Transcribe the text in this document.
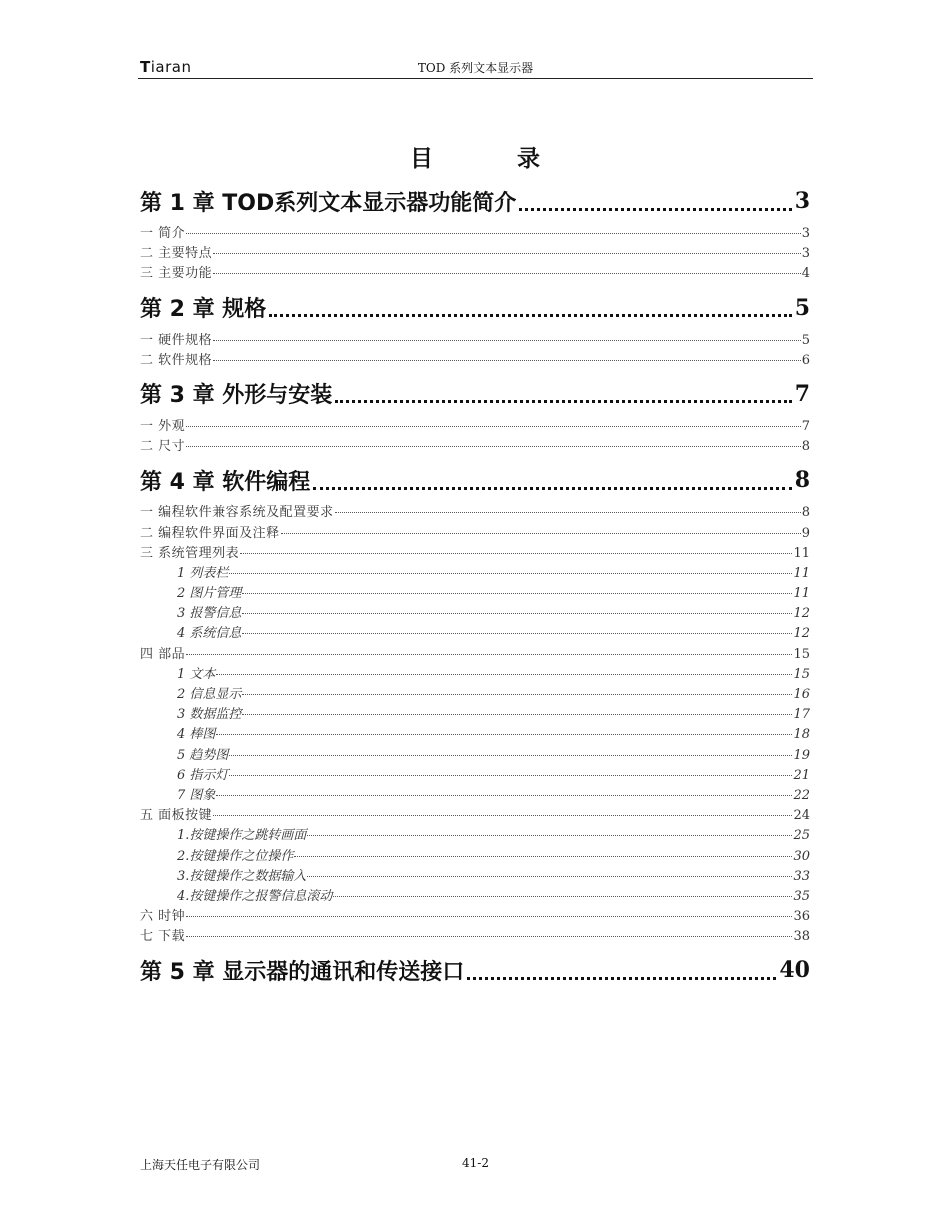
Tiaran	TOD 系列文本显示器
目录
第 1 章 TOD系列文本显示器功能简介	3
一 简介	3
二 主要特点	3
三 主要功能	4
第 2 章 规格	5
一 硬件规格	5
二 软件规格	6
第 3 章 外形与安装	7
一 外观	7
二 尺寸	8
第 4 章 软件编程	8
一 编程软件兼容系统及配置要求	8
二 编程软件界面及注释	9
三 系统管理列表	11
1 列表栏	11
2 图片管理	11
3 报警信息	12
4 系统信息	12
四 部品	15
1 文本	15
2 信息显示	16
3 数据监控	17
4 棒图	18
5 趋势图	19
6 指示灯	21
7 图象	22
五 面板按键	24
1.按键操作之跳转画面	25
2.按键操作之位操作	30
3.按键操作之数据输入	33
4.按键操作之报警信息滚动	35
六 时钟	36
七 下载	38
第 5 章 显示器的通讯和传送接口	40
上海天任电子有限公司	41-2
